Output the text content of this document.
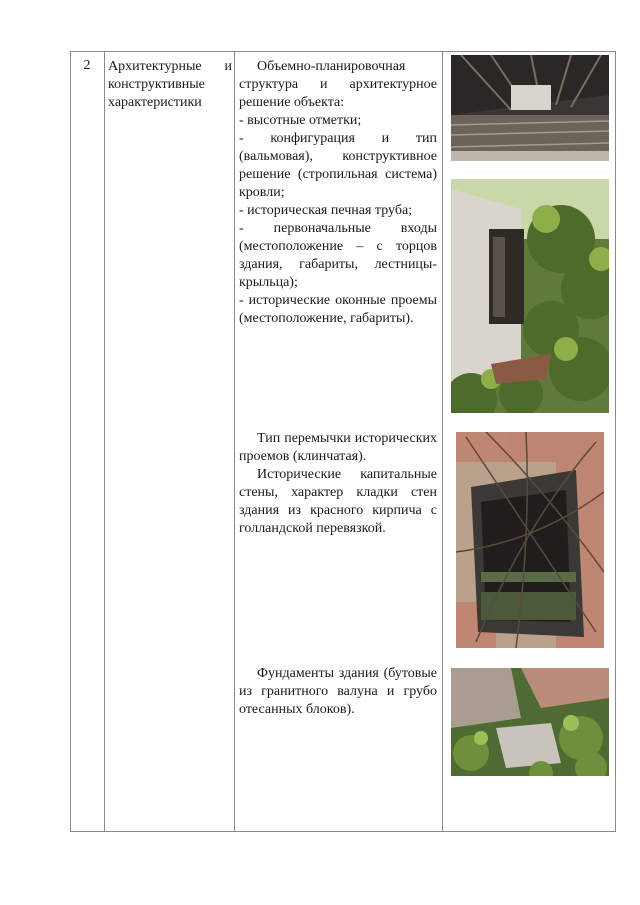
2	Архитектурные и конструктивные характеристики

Объемно-планировочная структура и архитектурное решение объекта:

- высотные отметки;

- конфигурация и тип (вальмовая), конструктивное решение (стропильная система) кровли;

- историческая печная труба;

- первоначальные входы (местоположение – с торцов здания, габариты, лестницы-крыльца);

- исторические оконные проемы (местоположение, габариты).

Тип перемычки исторических проемов (клинчатая).

Исторические капитальные стены, характер кладки стен здания из красного кирпича с голландской перевязкой.

Фундаменты здания (бутовые из гранитного валуна и грубо отесанных блоков).
